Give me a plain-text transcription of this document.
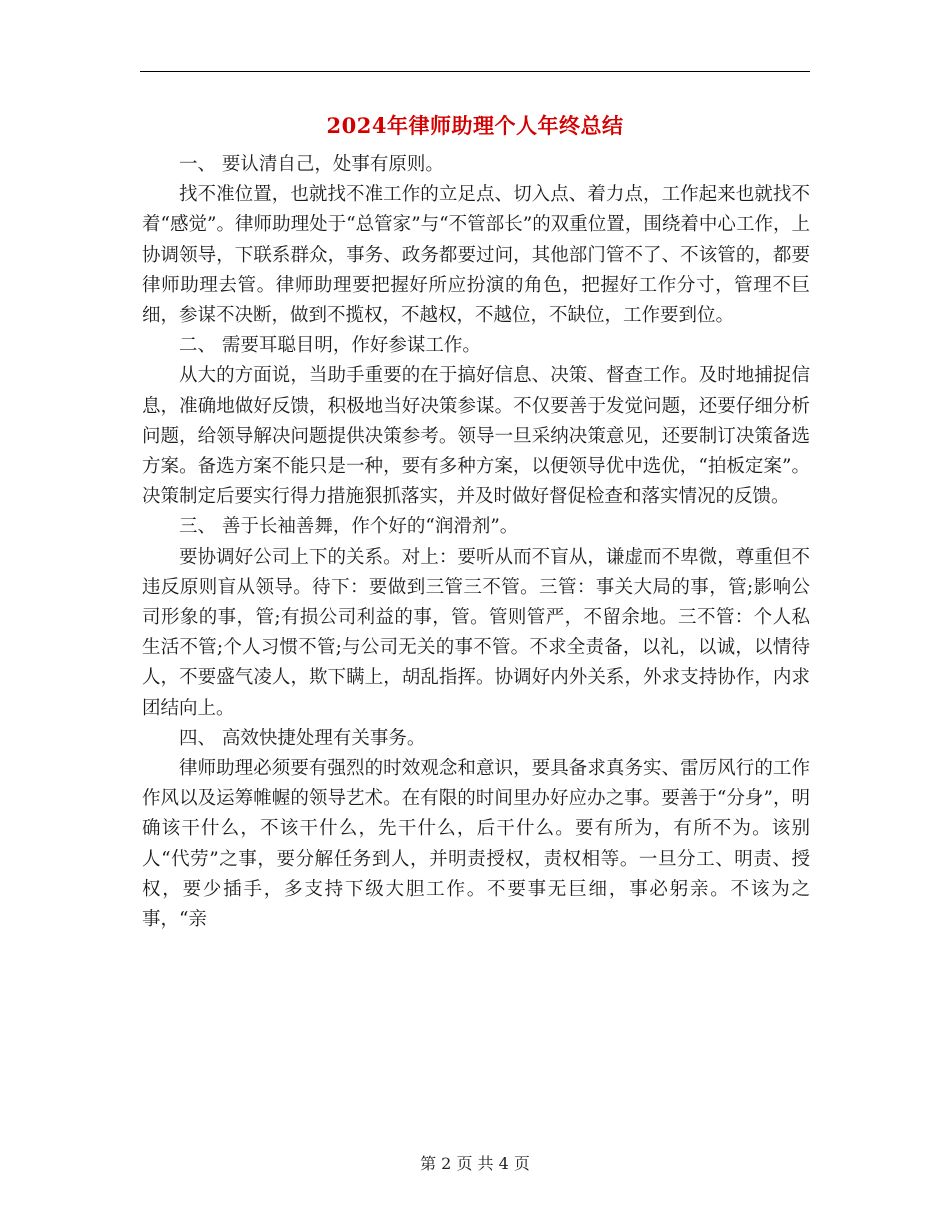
2024年律师助理个人年终总结

一、 要认清自己，处事有原则。

找不准位置，也就找不准工作的立足点、切入点、着力点，工作起来也就找不着“感觉”。律师助理处于“总管家”与“不管部长”的双重位置，围绕着中心工作，上协调领导，下联系群众，事务、政务都要过问，其他部门管不了、不该管的，都要律师助理去管。律师助理要把握好所应扮演的角色，把握好工作分寸，管理不巨细，参谋不决断，做到不揽权，不越权，不越位，不缺位，工作要到位。

二、 需要耳聪目明，作好参谋工作。

从大的方面说，当助手重要的在于搞好信息、决策、督查工作。及时地捕捉信息，准确地做好反馈，积极地当好决策参谋。不仅要善于发觉问题，还要仔细分析问题，给领导解决问题提供决策参考。领导一旦采纳决策意见，还要制订决策备选方案。备选方案不能只是一种，要有多种方案，以便领导优中选优，“拍板定案”。决策制定后要实行得力措施狠抓落实，并及时做好督促检查和落实情况的反馈。

三、 善于长袖善舞，作个好的“润滑剂”。

要协调好公司上下的关系。对上：要听从而不盲从，谦虚而不卑微，尊重但不违反原则盲从领导。待下：要做到三管三不管。三管：事关大局的事，管;影响公司形象的事，管;有损公司利益的事，管。管则管严，不留余地。三不管：个人私生活不管;个人习惯不管;与公司无关的事不管。不求全责备，以礼，以诚，以情待人，不要盛气凌人，欺下瞒上，胡乱指挥。协调好内外关系，外求支持协作，内求团结向上。

四、 高效快捷处理有关事务。

律师助理必须要有强烈的时效观念和意识，要具备求真务实、雷厉风行的工作作风以及运筹帷幄的领导艺术。在有限的时间里办好应办之事。要善于“分身”，明确该干什么，不该干什么，先干什么，后干什么。要有所为，有所不为。该别人“代劳”之事，要分解任务到人，并明责授权，责权相等。一旦分工、明责、授权，要少插手，多支持下级大胆工作。不要事无巨细，事必躬亲。不该为之事，“亲

第 2 页 共 4 页
